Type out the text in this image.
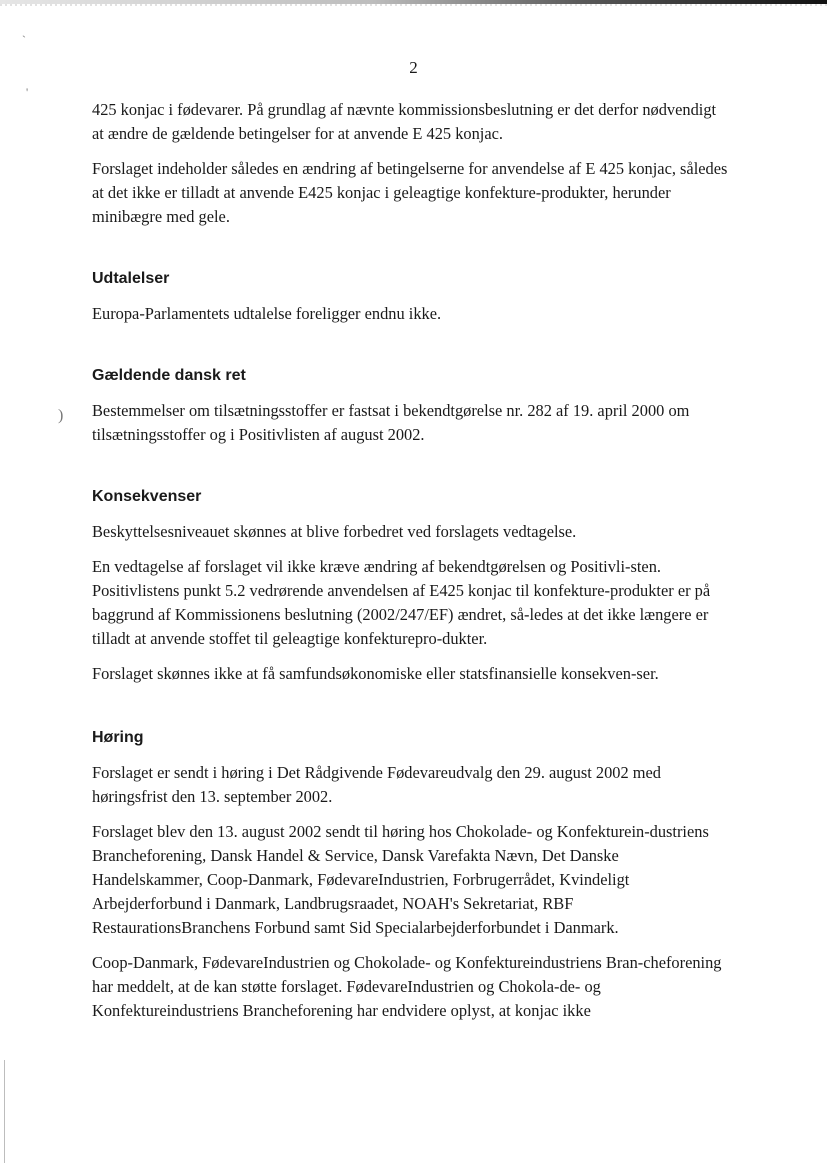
`
'
)
2

425 konjac i fødevarer. På grundlag af nævnte kommissionsbeslutning er det derfor nødvendigt at ændre de gældende betingelser for at anvende E 425 konjac.

Forslaget indeholder således en ændring af betingelserne for anvendelse af E 425 konjac, således at det ikke er tilladt at anvende E425 konjac i geleagtige konfekture-produkter, herunder minibægre med gele.

Udtalelser

Europa-Parlamentets udtalelse foreligger endnu ikke.

Gældende dansk ret

Bestemmelser om tilsætningsstoffer er fastsat i bekendtgørelse nr. 282 af 19. april 2000 om tilsætningsstoffer og i Positivlisten af august 2002.

Konsekvenser

Beskyttelsesniveauet skønnes at blive forbedret ved forslagets vedtagelse.

En vedtagelse af forslaget vil ikke kræve ændring af bekendtgørelsen og Positivli-sten. Positivlistens punkt 5.2 vedrørende anvendelsen af E425 konjac til konfekture-produkter er på baggrund af Kommissionens beslutning (2002/247/EF) ændret, så-ledes at det ikke længere er tilladt at anvende stoffet til geleagtige konfekturepro-dukter.

Forslaget skønnes ikke at få samfundsøkonomiske eller statsfinansielle konsekven-ser.

Høring

Forslaget er sendt i høring i Det Rådgivende Fødevareudvalg den 29. august 2002 med høringsfrist den 13. september 2002.

Forslaget blev den 13. august 2002 sendt til høring hos Chokolade- og Konfekturein-dustriens Brancheforening, Dansk Handel & Service, Dansk Varefakta Nævn, Det Danske Handelskammer, Coop-Danmark, FødevareIndustrien, Forbrugerrådet, Kvindeligt Arbejderforbund i Danmark, Landbrugsraadet, NOAH's Sekretariat, RBF RestaurationsBranchens Forbund samt Sid Specialarbejderforbundet i Danmark.

Coop-Danmark, FødevareIndustrien og Chokolade- og Konfektureindustriens Bran-cheforening har meddelt, at de kan støtte forslaget. FødevareIndustrien og Chokola-de- og Konfektureindustriens Brancheforening har endvidere oplyst, at konjac ikke
